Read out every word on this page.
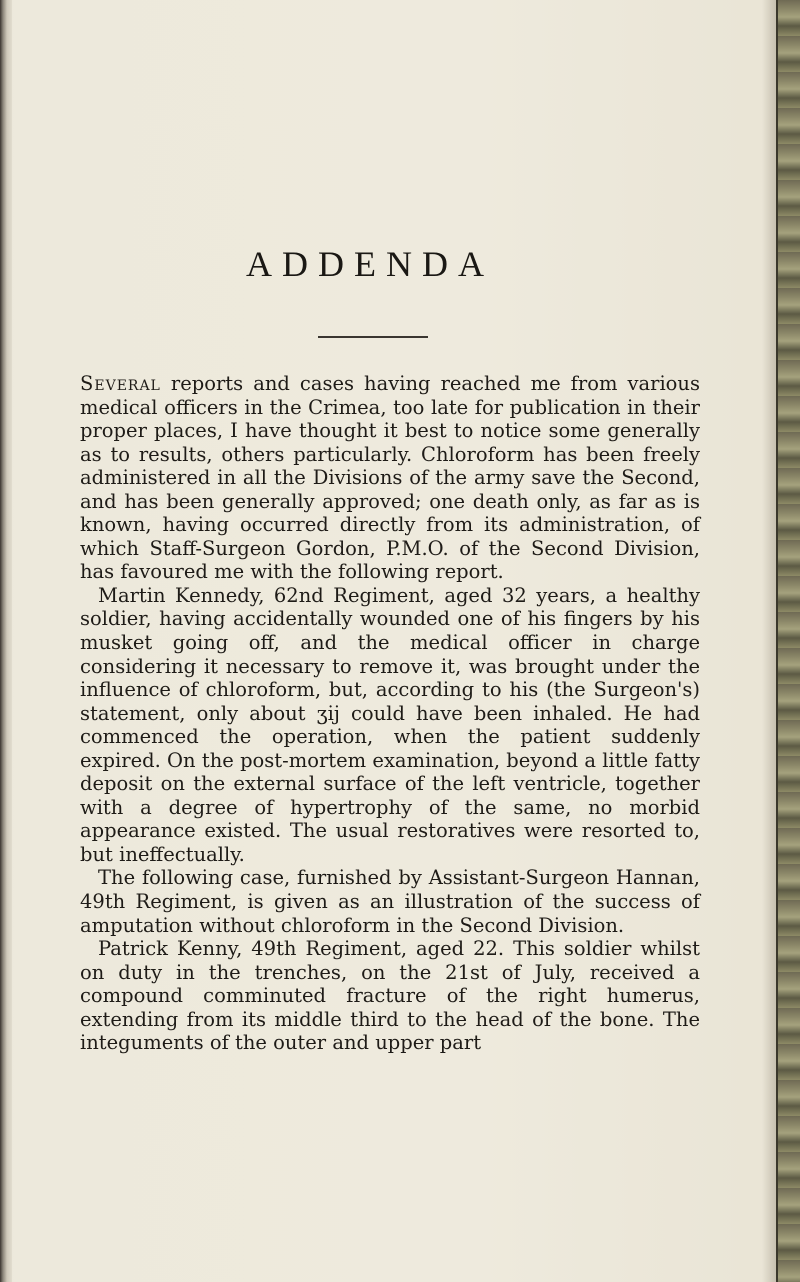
ADDENDA

Several reports and cases having reached me from various medical officers in the Crimea, too late for publication in their proper places, I have thought it best to notice some generally as to results, others particularly. Chloroform has been freely administered in all the Divisions of the army save the Second, and has been generally approved; one death only, as far as is known, having occurred directly from its administration, of which Staff-Surgeon Gordon, P.M.O. of the Second Division, has favoured me with the following report.

Martin Kennedy, 62nd Regiment, aged 32 years, a healthy soldier, having accidentally wounded one of his fingers by his musket going off, and the medical officer in charge considering it necessary to remove it, was brought under the influence of chloroform, but, according to his (the Surgeon's) statement, only about ʒij could have been inhaled. He had commenced the operation, when the patient suddenly expired. On the post-mortem examination, beyond a little fatty deposit on the external surface of the left ventricle, together with a degree of hypertrophy of the same, no morbid appearance existed. The usual restoratives were resorted to, but ineffectually.

The following case, furnished by Assistant-Surgeon Hannan, 49th Regiment, is given as an illustration of the success of amputation without chloroform in the Second Division.

Patrick Kenny, 49th Regiment, aged 22. This soldier whilst on duty in the trenches, on the 21st of July, received a compound comminuted fracture of the right humerus, extending from its middle third to the head of the bone. The integuments of the outer and upper part
